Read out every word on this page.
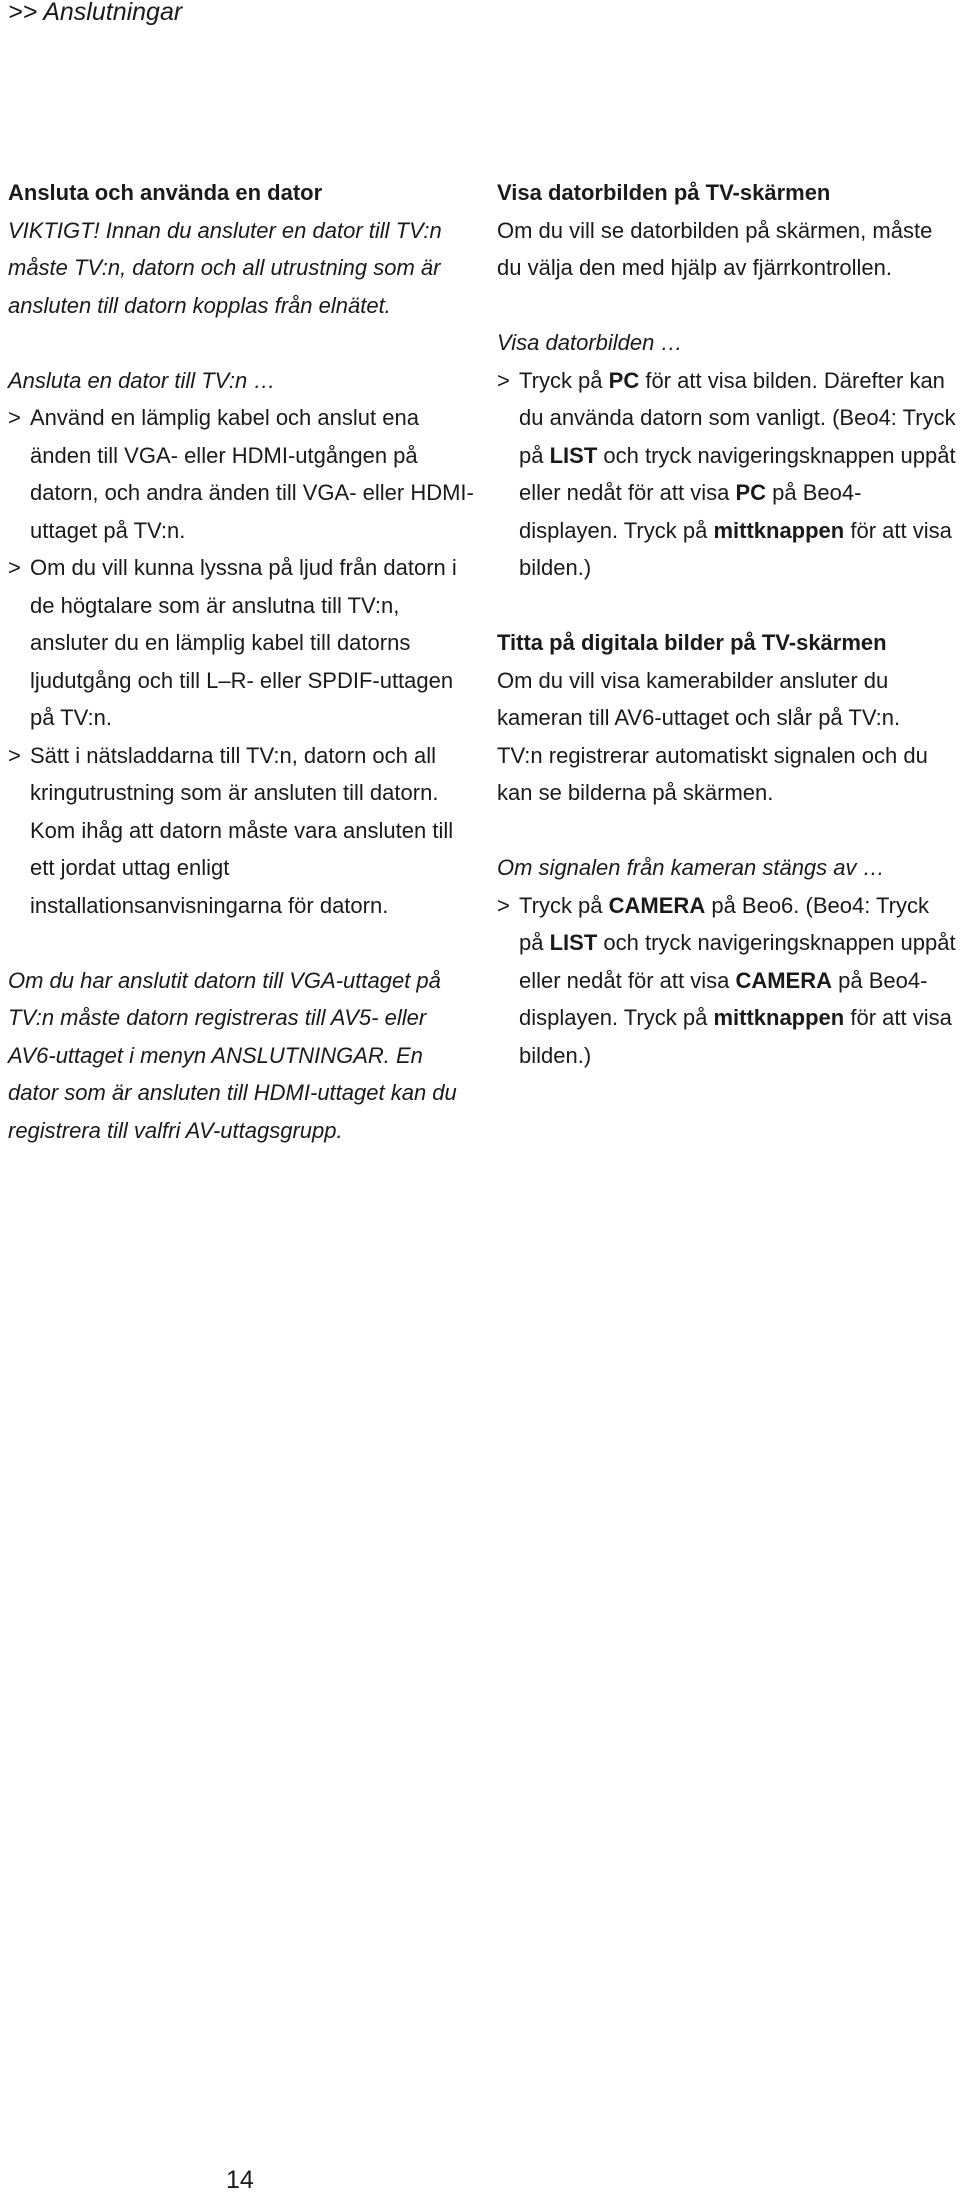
>> Anslutningar

Ansluta och använda en dator

VIKTIGT! Innan du ansluter en dator till TV:n måste TV:n, datorn och all utrustning som är ansluten till datorn kopplas från elnätet.

Ansluta en dator till TV:n …

> Använd en lämplig kabel och anslut ena änden till VGA- eller HDMI-utgången på datorn, och andra änden till VGA- eller HDMI-uttaget på TV:n.
> Om du vill kunna lyssna på ljud från datorn i de högtalare som är anslutna till TV:n, ansluter du en lämplig kabel till datorns ljudutgång och till L–R- eller SPDIF-uttagen på TV:n.
> Sätt i nätsladdarna till TV:n, datorn och all kringutrustning som är ansluten till datorn.

Kom ihåg att datorn måste vara ansluten till ett jordat uttag enligt installationsanvisningarna för datorn.

Om du har anslutit datorn till VGA-uttaget på TV:n måste datorn registreras till AV5- eller AV6-uttaget i menyn ANSLUTNINGAR. En dator som är ansluten till HDMI-uttaget kan du registrera till valfri AV-uttagsgrupp.

Visa datorbilden på TV-skärmen

Om du vill se datorbilden på skärmen, måste du välja den med hjälp av fjärrkontrollen.

Visa datorbilden …

> Tryck på PC för att visa bilden. Därefter kan du använda datorn som vanligt. (Beo4: Tryck på LIST och tryck navigeringsknappen uppåt eller nedåt för att visa PC på Beo4-displayen. Tryck på mittknappen för att visa bilden.)

Titta på digitala bilder på TV-skärmen

Om du vill visa kamerabilder ansluter du kameran till AV6-uttaget och slår på TV:n.

TV:n registrerar automatiskt signalen och du kan se bilderna på skärmen.

Om signalen från kameran stängs av …

> Tryck på CAMERA på Beo6. (Beo4: Tryck på LIST och tryck navigeringsknappen uppåt eller nedåt för att visa CAMERA på Beo4-displayen. Tryck på mittknappen för att visa bilden.)
14
